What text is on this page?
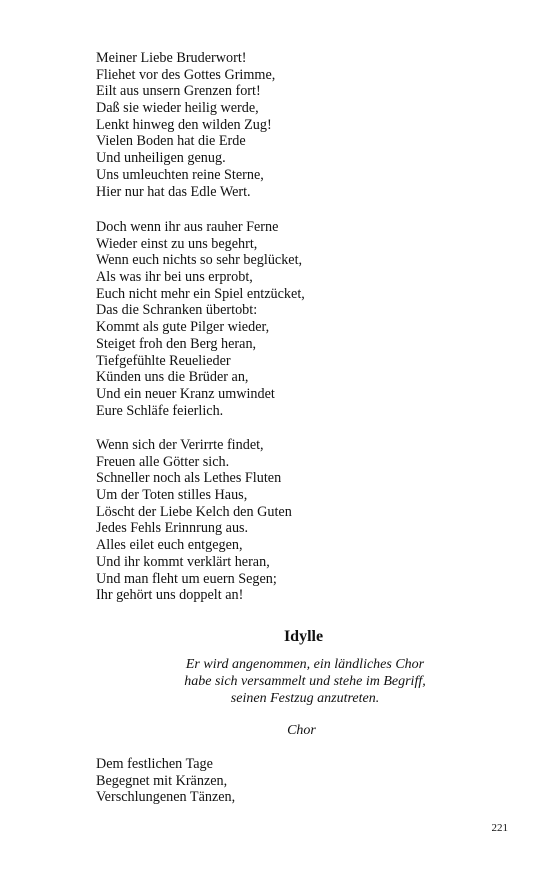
Meiner Liebe Bruderwort!
Fliehet vor des Gottes Grimme,
Eilt aus unsern Grenzen fort!
Daß sie wieder heilig werde,
Lenkt hinweg den wilden Zug!
Vielen Boden hat die Erde
Und unheiligen genug.
Uns umleuchten reine Sterne,
Hier nur hat das Edle Wert.
Doch wenn ihr aus rauher Ferne
Wieder einst zu uns begehrt,
Wenn euch nichts so sehr beglücket,
Als was ihr bei uns erprobt,
Euch nicht mehr ein Spiel entzücket,
Das die Schranken übertobt:
Kommt als gute Pilger wieder,
Steiget froh den Berg heran,
Tiefgefühlte Reuelieder
Künden uns die Brüder an,
Und ein neuer Kranz umwindet
Eure Schläfe feierlich.
Wenn sich der Verirrte findet,
Freuen alle Götter sich.
Schneller noch als Lethes Fluten
Um der Toten stilles Haus,
Löscht der Liebe Kelch den Guten
Jedes Fehls Erinnrung aus.
Alles eilet euch entgegen,
Und ihr kommt verklärt heran,
Und man fleht um euern Segen;
Ihr gehört uns doppelt an!
Idylle
Er wird angenommen, ein ländliches Chor
habe sich versammelt und stehe im Begriff,
seinen Festzug anzutreten.
Chor
Dem festlichen Tage
Begegnet mit Kränzen,
Verschlungenen Tänzen,
221
